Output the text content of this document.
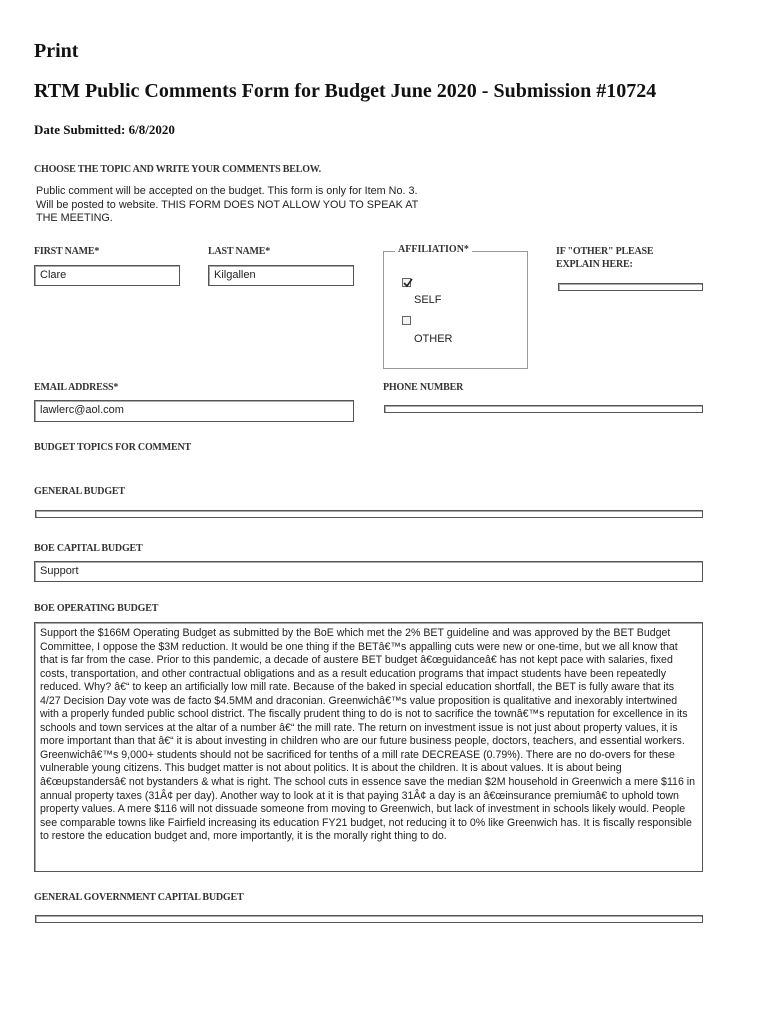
Print
RTM Public Comments Form for Budget June 2020 - Submission #10724
Date Submitted: 6/8/2020
CHOOSE THE TOPIC AND WRITE YOUR COMMENTS BELOW.
Public comment will be accepted on the budget. This form is only for Item No. 3.
Will be posted to website. THIS FORM DOES NOT ALLOW YOU TO SPEAK AT
THE MEETING.
FIRST NAME*
Clare
LAST NAME*
Kilgallen
AFFILIATION*
SELF
OTHER
IF "OTHER" PLEASE
EXPLAIN HERE:
EMAIL ADDRESS*
lawlerc@aol.com
PHONE NUMBER
BUDGET TOPICS FOR COMMENT
GENERAL BUDGET
BOE CAPITAL BUDGET
Support
BOE OPERATING BUDGET
Support the $166M Operating Budget as submitted by the BoE which met the 2% BET guideline and was approved by the BET Budget Committee, I oppose the $3M reduction. It would be one thing if the BETâ€™s appalling cuts were new or one-time, but we all know that that is far from the case. Prior to this pandemic, a decade of austere BET budget â€œguidanceâ€ has not kept pace with salaries, fixed costs, transportation, and other contractual obligations and as a result education programs that impact students have been repeatedly reduced. Why? â€“ to keep an artificially low mill rate. Because of the baked in special education shortfall, the BET is fully aware that its 4/27 Decision Day vote was de facto $4.5MM and draconian. Greenwichâ€™s value proposition is qualitative and inexorably intertwined with a properly funded public school district. The fiscally prudent thing to do is not to sacrifice the townâ€™s reputation for excellence in its schools and town services at the altar of a number â€“ the mill rate. The return on investment issue is not just about property values, it is more important than that â€“ it is about investing in children who are our future business people, doctors, teachers, and essential workers. Greenwichâ€™s 9,000+ students should not be sacrificed for tenths of a mill rate DECREASE (0.79%). There are no do-overs for these vulnerable young citizens. This budget matter is not about politics. It is about the children. It is about values. It is about being â€œupstandersâ€ not bystanders & what is right. The school cuts in essence save the median $2M household in Greenwich a mere $116 in annual property taxes (31Â¢ per day). Another way to look at it is that paying 31Â¢ a day is an â€œinsurance premiumâ€ to uphold town property values. A mere $116 will not dissuade someone from moving to Greenwich, but lack of investment in schools likely would. People see comparable towns like Fairfield increasing its education FY21 budget, not reducing it to 0% like Greenwich has. It is fiscally responsible to restore the education budget and, more importantly, it is the morally right thing to do.
GENERAL GOVERNMENT CAPITAL BUDGET
